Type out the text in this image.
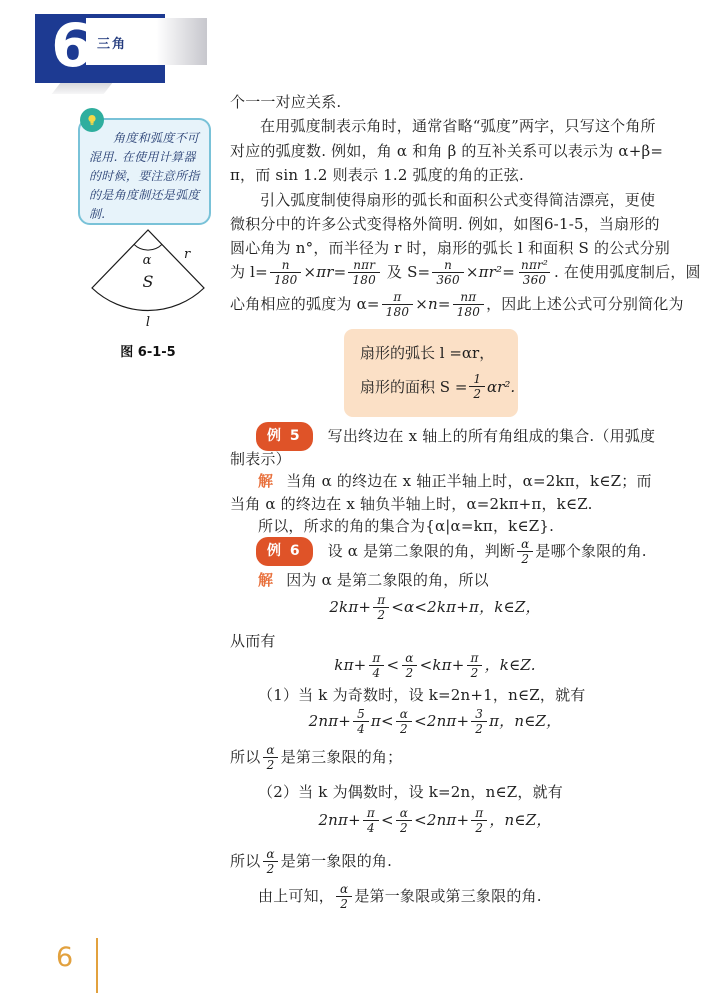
6 三角
角度和弧度不可混用. 在使用计算器的时候，要注意所指的是角度制还是弧度制.
α	r
S
l
图 6-1-5
个一一对应关系.
在用弧度制表示角时，通常省略“弧度”两字，只写这个角所
对应的弧度数. 例如，角 α 和角 β 的互补关系可以表示为 α+β=
π，而 sin 1.2 则表示 1.2 弧度的角的正弦.
引入弧度制使得扇形的弧长和面积公式变得简洁漂亮，更使
微积分中的许多公式变得格外简明. 例如，如图6-1-5，当扇形的
圆心角为 n°，而半径为 r 时，扇形的弧长 l 和面积 S 的公式分别
为 $l= \frac{n}{180} \times\pi r= \frac{\text{nπr}}{180}$ 及 $S= \frac{n}{360} \times\pi r^2= \frac{\text{nπr²}}{360}$ . 在使用弧度制后，圆
心角相应的弧度为 $\alpha= \frac{\pi}{180} \times n= \frac{n\pi}{180}$ ，因此上述公式可分别简化为
扇形的弧长 l =αr，
扇形的面积 $S = \frac{1}{2} \alpha r^2$.
例 5	写出终边在 x 轴上的所有角组成的集合.（用弧度
制表示）
解 当角 α 的终边在 x 轴正半轴上时，α=2kπ，k∈Z；而
当角 α 的终边在 x 轴负半轴上时，α=2kπ+π，k∈Z.
所以，所求的角的集合为{α|α=kπ，k∈Z}.
例 6	设 α 是第二象限的角，判断 $\frac{\alpha}{2}$ 是哪个象限的角.
解 因为 α 是第二象限的角，所以
$2k\pi+ \frac{\pi}{2} <\alpha<2k\pi+\pi$，k∈Z，
从而有
$k\pi+ \frac{\pi}{4} < \frac{\alpha}{2} <k\pi+ \frac{\pi}{2}$ ，k∈Z.
（1）当 k 为奇数时，设 k=2n+1，n∈Z，就有
$2n\pi+ \frac{5}{4} \pi< \frac{\alpha}{2} <2n\pi+ \frac{3}{2}$ π，n∈Z，
所以 $\frac{\alpha}{2}$ 是第三象限的角；
（2）当 k 为偶数时，设 k=2n，n∈Z，就有
$2n\pi+ \frac{\pi}{4} < \frac{\alpha}{2} <2n\pi+ \frac{\pi}{2}$ ，n∈Z，
所以 $\frac{\alpha}{2}$ 是第一象限的角.
由上可知， $\frac{\alpha}{2}$ 是第一象限或第三象限的角.
6
